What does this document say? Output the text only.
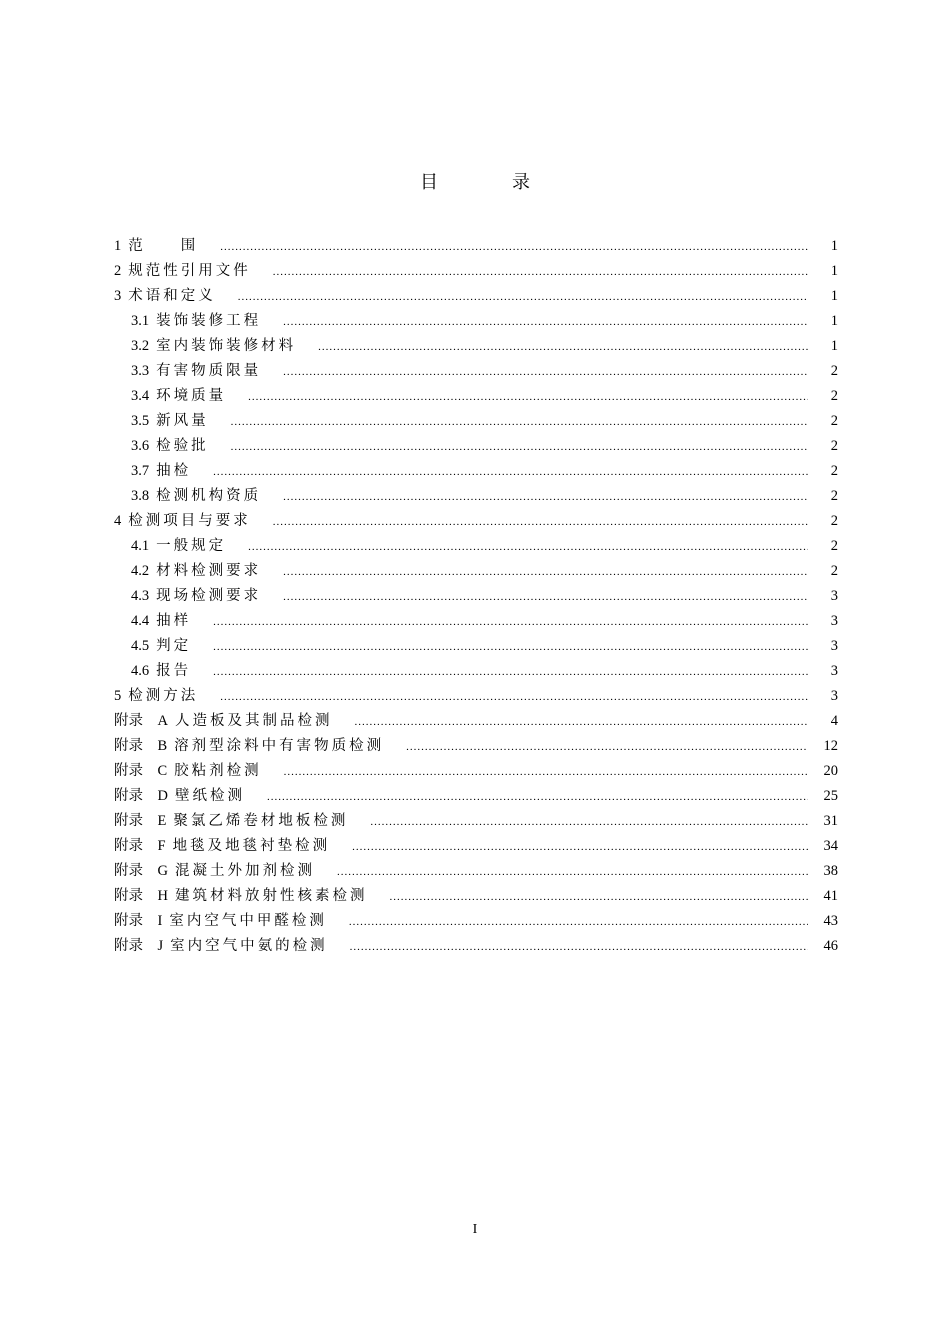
目　录
1 范　　围 .....	1
2 规范性引用文件 .....	1
3 术语和定义 .....	1
3.1 装饰装修工程 .....	1
3.2 室内装饰装修材料 .....	1
3.3 有害物质限量 .....	2
3.4 环境质量 .....	2
3.5 新风量 .....	2
3.6 检验批 .....	2
3.7 抽检 .....	2
3.8 检测机构资质 .....	2
4 检测项目与要求 .....	2
4.1 一般规定 .....	2
4.2 材料检测要求 .....	2
4.3 现场检测要求 .....	3
4.4 抽样 .....	3
4.5 判定 .....	3
4.6 报告 .....	3
5 检测方法 .....	3
附录　A 人造板及其制品检测 .....	4
附录　B 溶剂型涂料中有害物质检测 .....	12
附录　C 胶粘剂检测 .....	20
附录　D 壁纸检测 .....	25
附录　E 聚氯乙烯卷材地板检测 .....	31
附录　F 地毯及地毯衬垫检测 .....	34
附录　G 混凝土外加剂检测 .....	38
附录　H 建筑材料放射性核素检测 .....	41
附录　I 室内空气中甲醛检测 .....	43
附录　J 室内空气中氨的检测 .....	46
I
